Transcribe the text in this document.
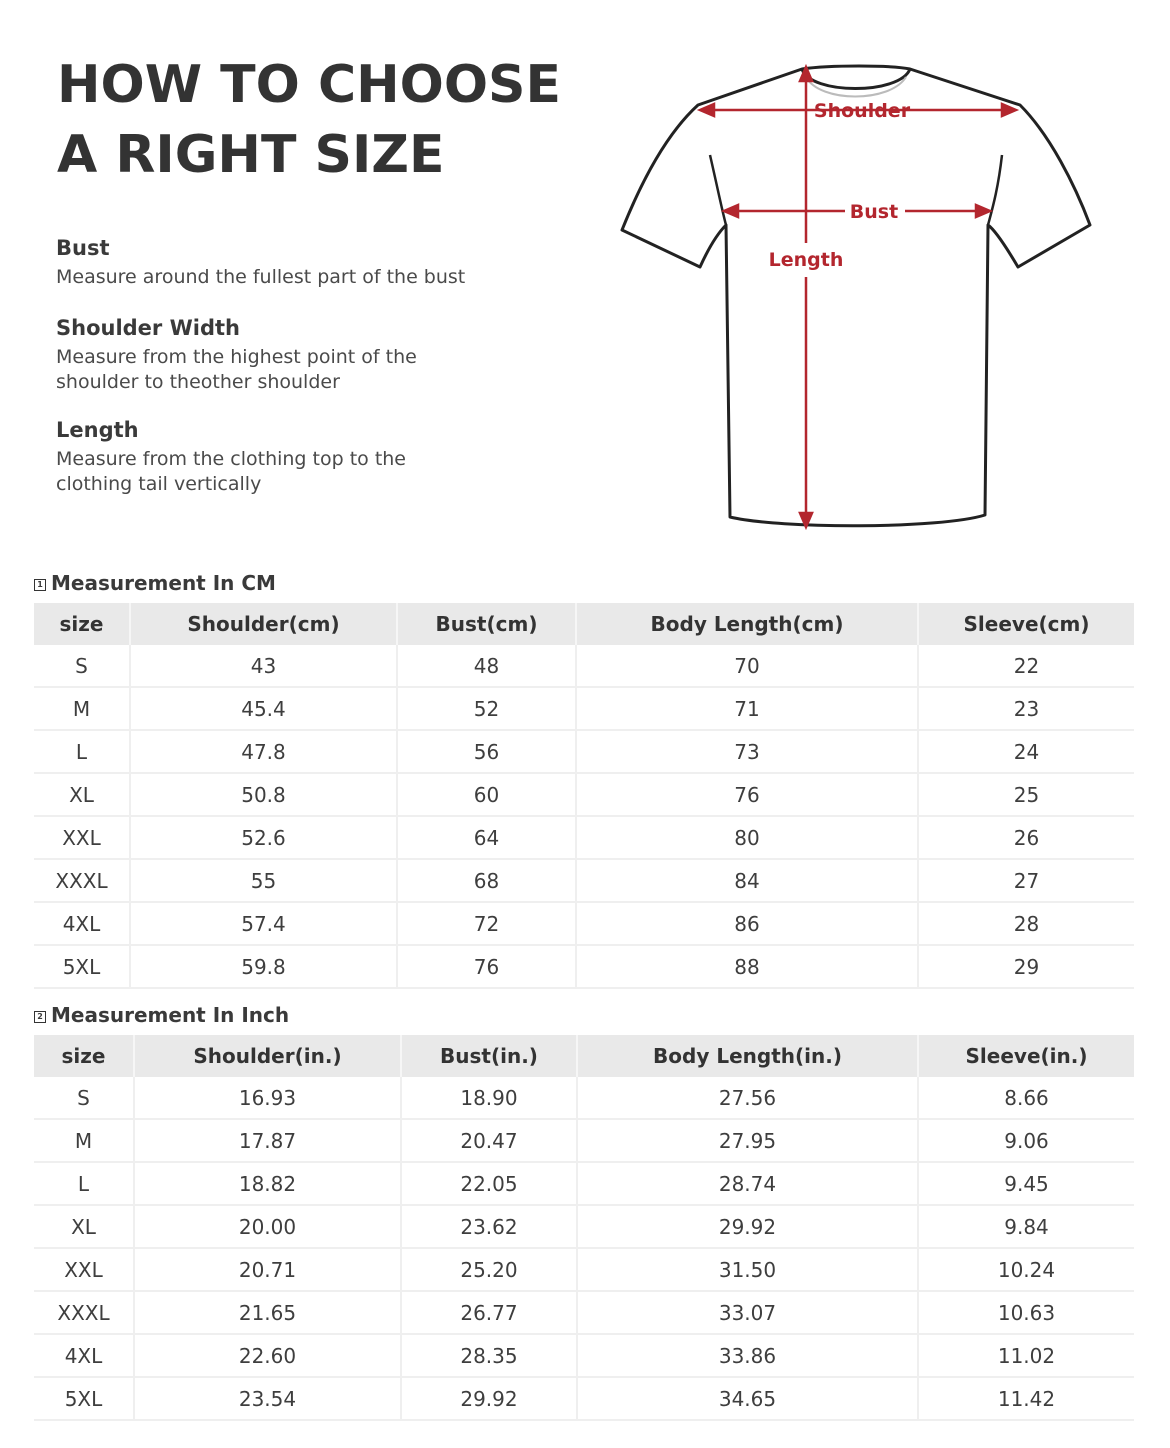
HOW TO CHOOSE
A RIGHT SIZE

Bust

Measure around the fullest part of the bust

Shoulder Width

Measure from the highest point of the
shoulder to theother shoulder

Length

Measure from the clothing top to the
clothing tail vertically

Shoulder
Bust
Length
1 Measurement In CM
size	Shoulder(cm)	Bust(cm)	Body Length(cm)	Sleeve(cm)
S	43	48	70	22
M	45.4	52	71	23
L	47.8	56	73	24
XL	50.8	60	76	25
XXL	52.6	64	80	26
XXXL	55	68	84	27
4XL	57.4	72	86	28
5XL	59.8	76	88	29
2 Measurement In Inch
size	Shoulder(in.)	Bust(in.)	Body Length(in.)	Sleeve(in.)
S	16.93	18.90	27.56	8.66
M	17.87	20.47	27.95	9.06
L	18.82	22.05	28.74	9.45
XL	20.00	23.62	29.92	9.84
XXL	20.71	25.20	31.50	10.24
XXXL	21.65	26.77	33.07	10.63
4XL	22.60	28.35	33.86	11.02
5XL	23.54	29.92	34.65	11.42
